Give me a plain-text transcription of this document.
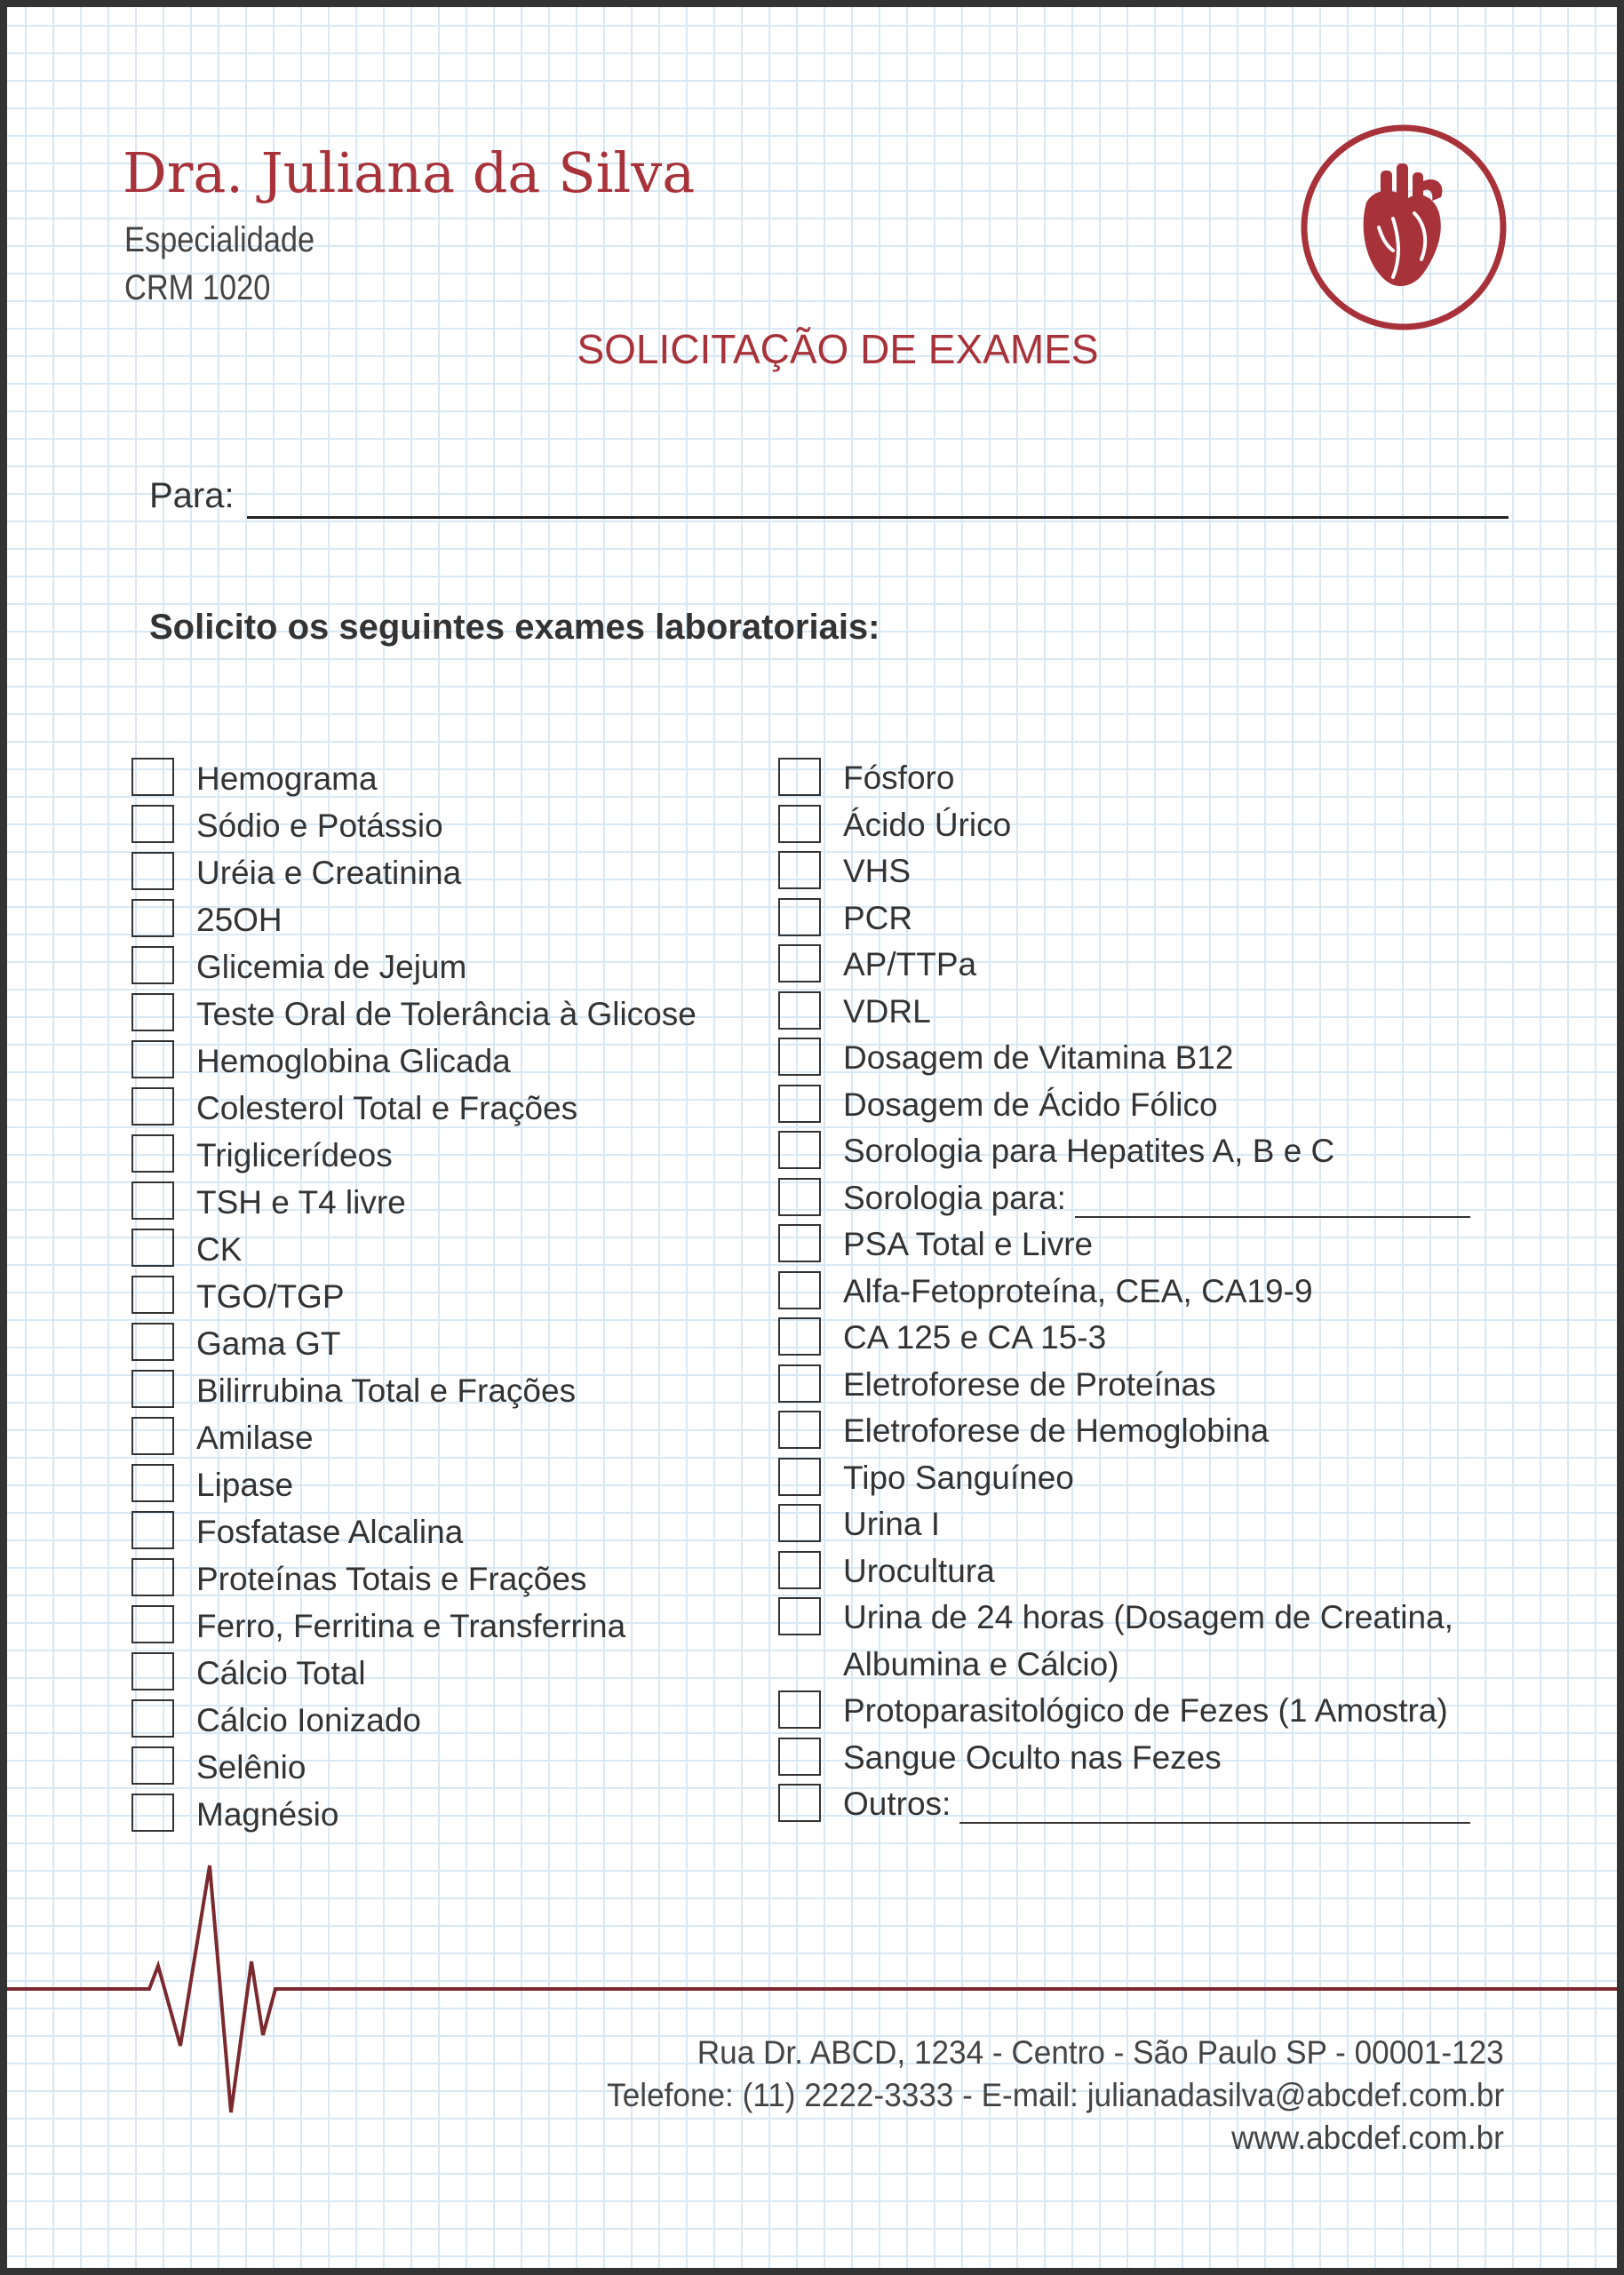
Dra. Juliana da Silva
Especialidade
CRM 1020
SOLICITAÇÃO DE EXAMES
Para:
Solicito os seguintes exames laboratoriais:
Hemograma
Sódio e Potássio
Uréia e Creatinina
25OH
Glicemia de Jejum
Teste Oral de Tolerância à Glicose
Hemoglobina Glicada
Colesterol Total e Frações
Triglicerídeos
TSH e T4 livre
CK
TGO/TGP
Gama GT
Bilirrubina Total e Frações
Amilase
Lipase
Fosfatase Alcalina
Proteínas Totais e Frações
Ferro, Ferritina e Transferrina
Cálcio Total
Cálcio Ionizado
Selênio
Magnésio
Fósforo
Ácido Úrico
VHS
PCR
AP/TTPa
VDRL
Dosagem de Vitamina B12
Dosagem de Ácido Fólico
Sorologia para Hepatites A, B e C
Sorologia para:
PSA Total e Livre
Alfa-Fetoproteína, CEA, CA19-9
CA 125 e CA 15-3
Eletroforese de Proteínas
Eletroforese de Hemoglobina
Tipo Sanguíneo
Urina I
Urocultura
Urina de 24 horas (Dosagem de Creatina,
Albumina e Cálcio)
Protoparasitológico de Fezes (1 Amostra)
Sangue Oculto nas Fezes
Outros:
Rua Dr. ABCD, 1234 - Centro - São Paulo SP - 00001-123
Telefone: (11) 2222-3333 - E-mail: julianadasilva@abcdef.com.br
www.abcdef.com.br
